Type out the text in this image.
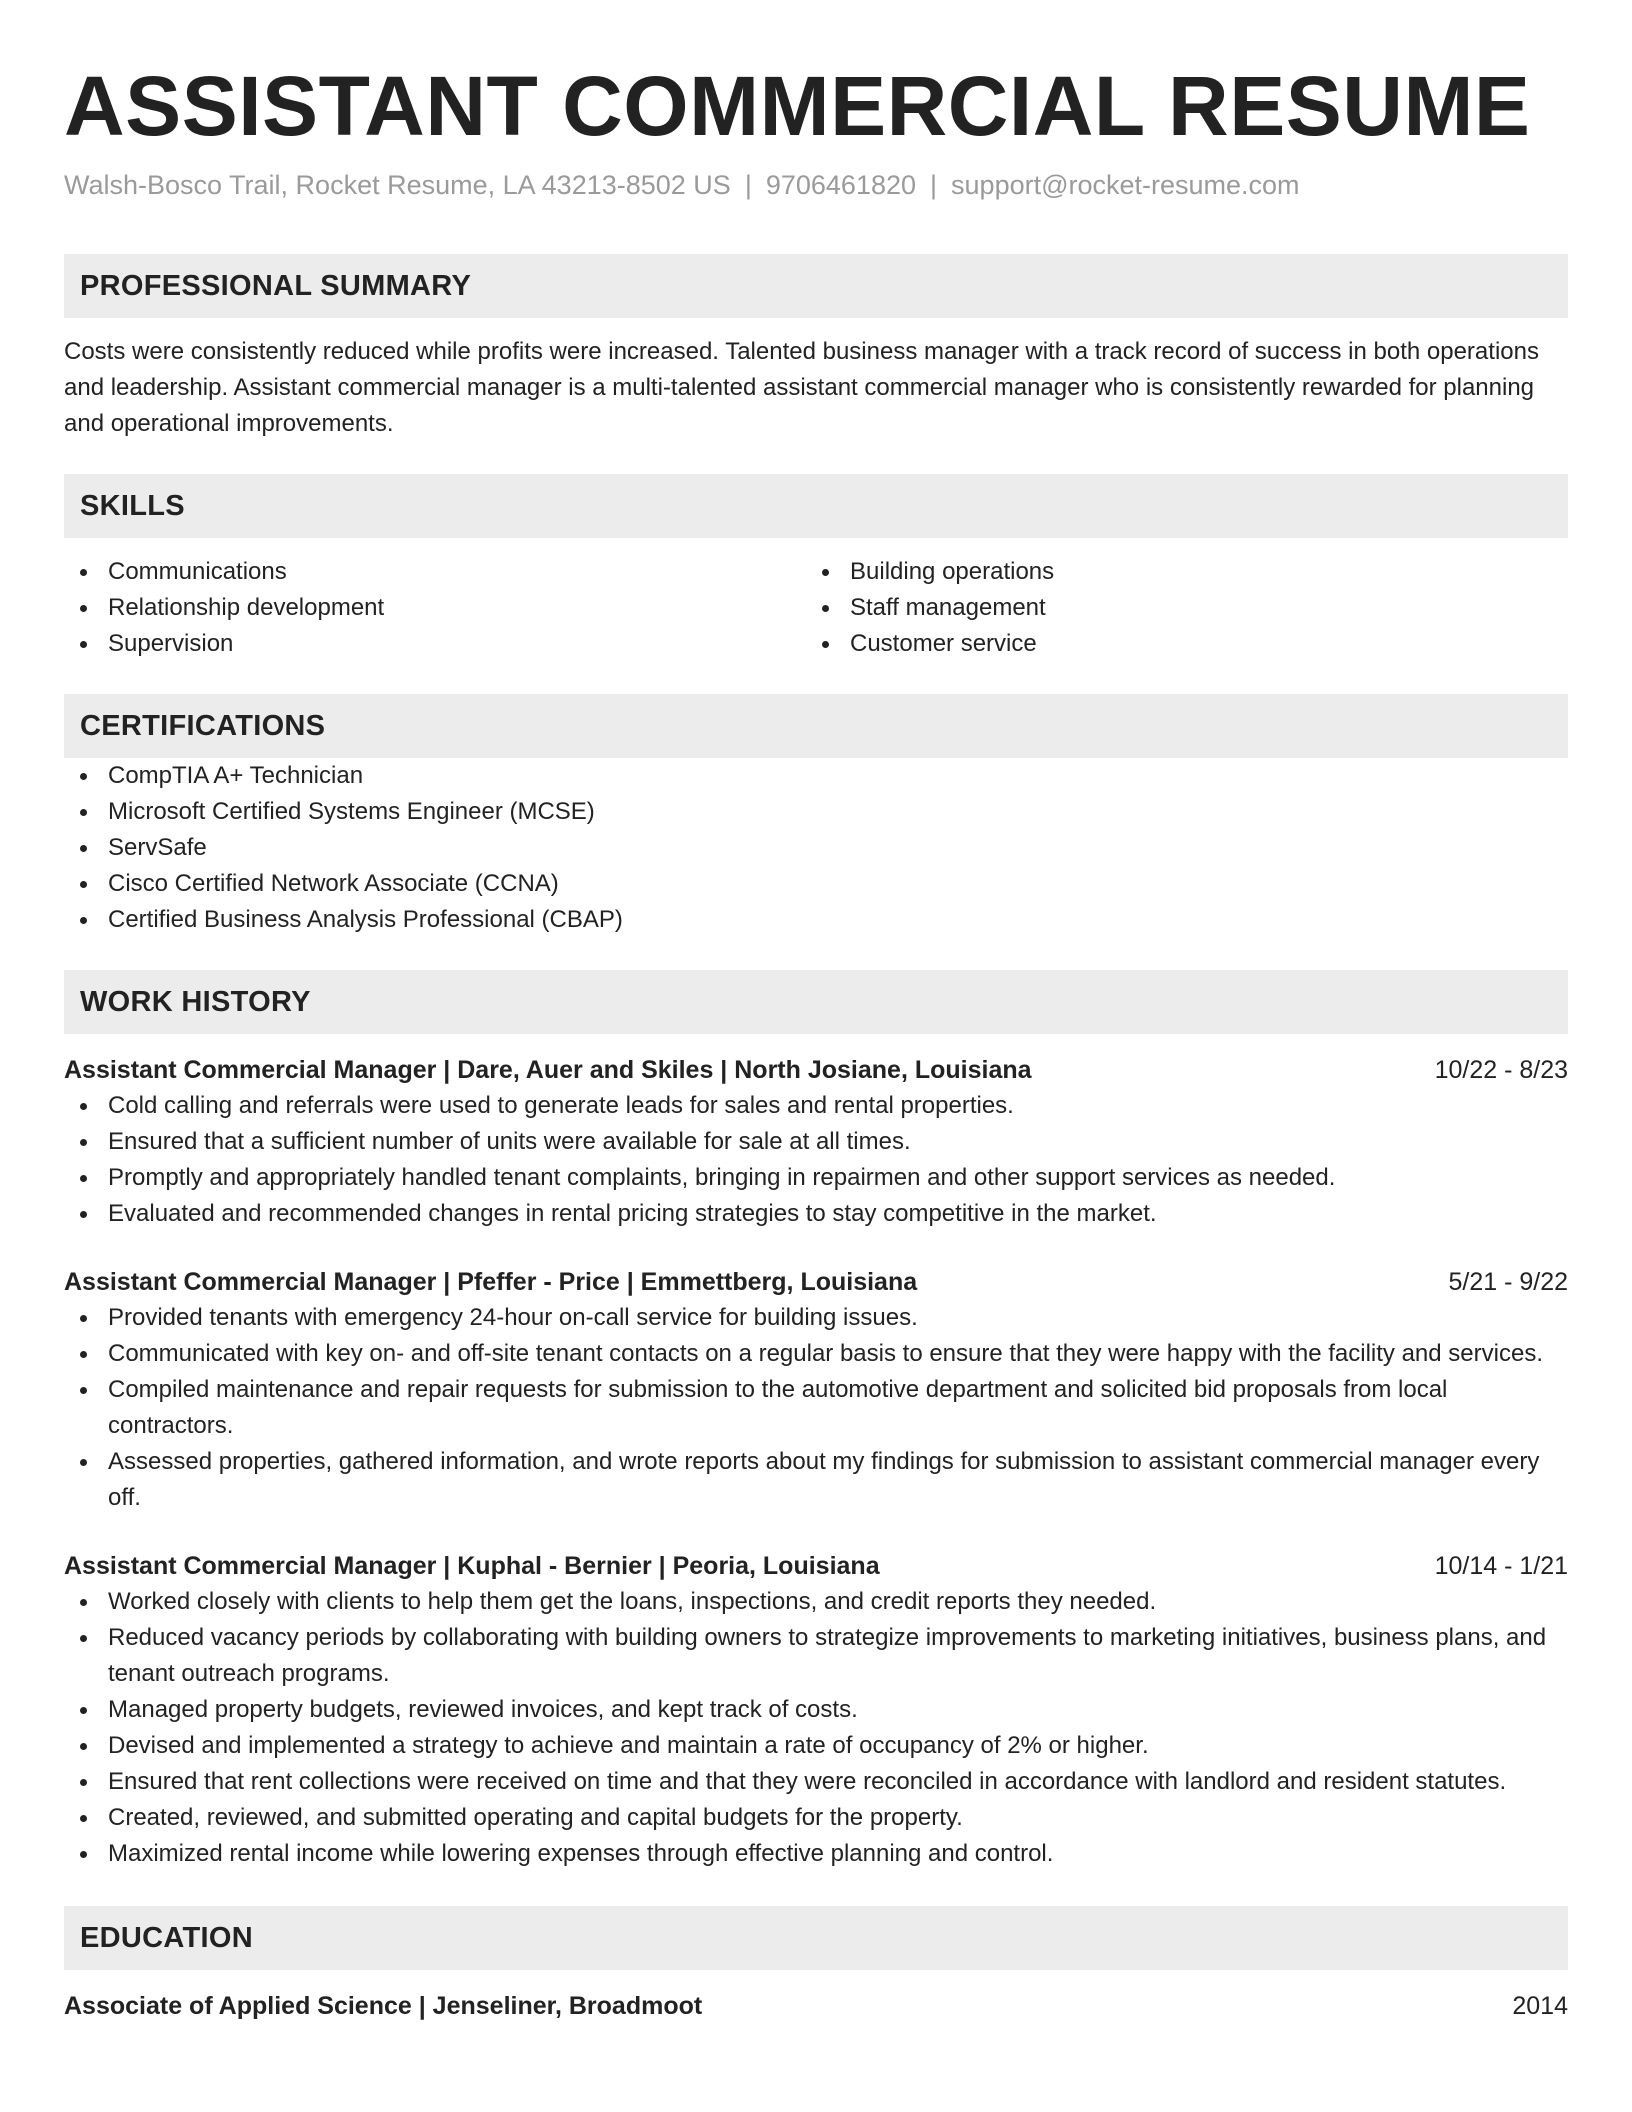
ASSISTANT COMMERCIAL RESUME
Walsh-Bosco Trail, Rocket Resume, LA 43213-8502 US | 9706461820 | support@rocket-resume.com
PROFESSIONAL SUMMARY

Costs were consistently reduced while profits were increased. Talented business manager with a track record of success in both operations and leadership. Assistant commercial manager is a multi-talented assistant commercial manager who is consistently rewarded for planning and operational improvements.

SKILLS
Communications
Relationship development
Supervision
Building operations
Staff management
Customer service
CERTIFICATIONS
CompTIA A+ Technician
Microsoft Certified Systems Engineer (MCSE)
ServSafe
Cisco Certified Network Associate (CCNA)
Certified Business Analysis Professional (CBAP)
WORK HISTORY
Assistant Commercial Manager | Dare, Auer and Skiles | North Josiane, Louisiana	10/22 - 8/23
Cold calling and referrals were used to generate leads for sales and rental properties.
Ensured that a sufficient number of units were available for sale at all times.
Promptly and appropriately handled tenant complaints, bringing in repairmen and other support services as needed.
Evaluated and recommended changes in rental pricing strategies to stay competitive in the market.
Assistant Commercial Manager | Pfeffer - Price | Emmettberg, Louisiana	5/21 - 9/22
Provided tenants with emergency 24-hour on-call service for building issues.
Communicated with key on- and off-site tenant contacts on a regular basis to ensure that they were happy with the facility and services.
Compiled maintenance and repair requests for submission to the automotive department and solicited bid proposals from local contractors.
Assessed properties, gathered information, and wrote reports about my findings for submission to assistant commercial manager every off.
Assistant Commercial Manager | Kuphal - Bernier | Peoria, Louisiana	10/14 - 1/21
Worked closely with clients to help them get the loans, inspections, and credit reports they needed.
Reduced vacancy periods by collaborating with building owners to strategize improvements to marketing initiatives, business plans, and tenant outreach programs.
Managed property budgets, reviewed invoices, and kept track of costs.
Devised and implemented a strategy to achieve and maintain a rate of occupancy of 2% or higher.
Ensured that rent collections were received on time and that they were reconciled in accordance with landlord and resident statutes.
Created, reviewed, and submitted operating and capital budgets for the property.
Maximized rental income while lowering expenses through effective planning and control.
EDUCATION
Associate of Applied Science | Jenseliner, Broadmoot	2014
